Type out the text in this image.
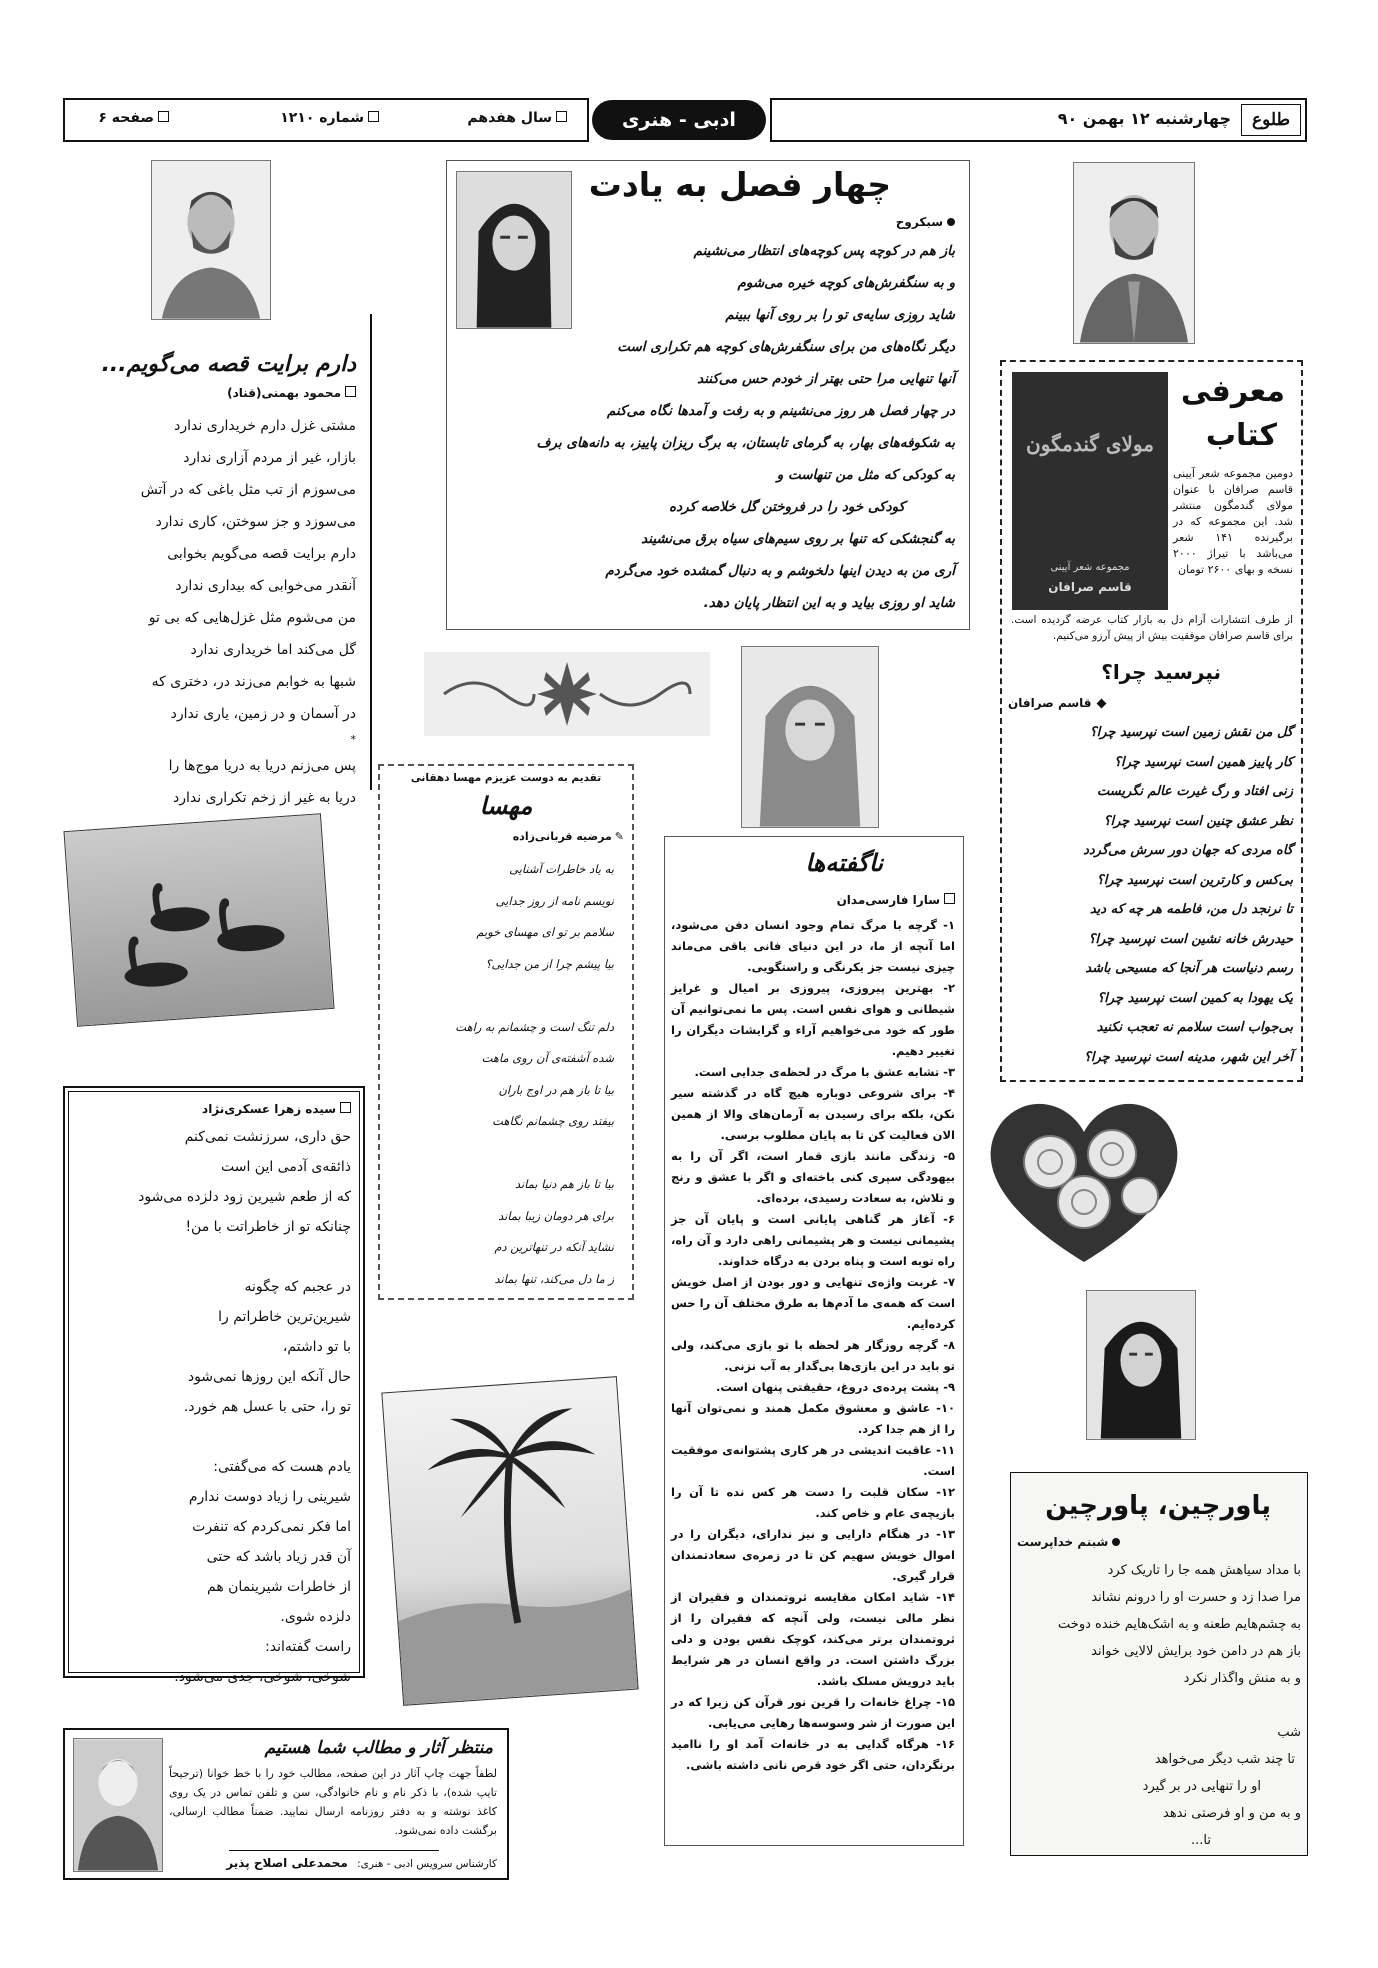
سال هفدهم
شماره ۱۲۱۰
صفحه ۶	ادبی - هنری	چهارشنبه ۱۲ بهمن ۹۰	طلوع
چهار فصل به یادت
سبکروح
باز هم در کوچه پس کوچه‌های انتظار می‌نشینم
و به سنگفرش‌های کوچه خیره می‌شوم
شاید روزی سایه‌ی تو را بر روی آنها ببینم
دیگر نگاه‌های من برای سنگفرش‌های کوچه هم تکراری است
آنها تنهایی مرا حتی بهتر از خودم حس می‌کنند
در چهار فصل هر روز می‌نشینم و به رفت و آمدها نگاه می‌کنم
به شکوفه‌های بهار، به گرمای تابستان، به برگ ریزان پاییز، به دانه‌های برف
به کودکی که مثل من تنهاست و
کودکی خود را در فروختن گل خلاصه کرده
به گنجشکی که تنها بر روی سیم‌های سیاه برق می‌نشیند
آری من به دیدن اینها دلخوشم و به دنبال گمشده خود می‌گردم
شاید او روزی بیاید و به این انتظار پایان دهد.
دارم برایت قصه می‌گویم...
محمود بهمنی(قناد)
مشتی غزل دارم خریداری ندارد
بازار، غیر از مردم آزاری ندارد
می‌سوزم از تب مثل باغی که در آتش
می‌سوزد و جز سوختن، کاری ندارد
دارم برایت قصه می‌گویم بخوابی
آنقدر می‌خوابی که بیداری ندارد
من می‌شوم مثل غزل‌هایی که بی تو
گل می‌کند اما خریداری ندارد
شبها به خوابم می‌زند در، دختری که
در آسمان و در زمین، یاری ندارد
*
پس می‌زنم دریا به دریا موج‌ها را
دریا به غیر از زخم تکراری ندارد
مولای گندمگون
مجموعه شعر آیینی
قاسم صرافان
معرفی
کتاب
دومین مجموعه شعر آیینی قاسم صرافان با عنوان مولای گندمگون منتشر شد. این مجموعه که در برگیرنده ۱۴۱ شعر می‌باشد با تیراژ ۲۰۰۰ نسخه و بهای ۲۶۰۰ تومان
از طرف انتشارات آرام دل به بازار کتاب عرضه گردیده است. برای قاسم صرافان موفقیت بیش از پیش آرزو می‌کنیم.
نپرسید چرا؟
قاسم صرافان
گل من نقش زمین است نپرسید چرا؟
کار پاییز همین است نپرسید چرا؟
زنی افتاد و رگ غیرت عالم نگریست
نظر عشق چنین است نپرسید چرا؟
گاه مردی که جهان دور سرش می‌گردد
بی‌کس و کارترین است نپرسید چرا؟
تا نرنجد دل من، فاطمه هر چه که دید
حیدرش خانه نشین است نپرسید چرا؟
رسم دنیاست هر آنجا که مسیحی باشد
یک یهودا به کمین است نپرسید چرا؟
بی‌جواب است سلامم نه تعجب نکنید
آخر این شهر، مدینه است نپرسید چرا؟
تقدیم به دوست عزیزم مهسا دهقانی
مهسا
✎مرضیه قربانی‌زاده
به یاد خاطرات آشنایی
نویسم نامه از روز جدایی
سلامم بر تو ای مهسای خوبم
بیا پیشم چرا از من جدایی؟
دلم تنگ است و چشمانم به راهت
شده آشفته‌ی آن روی ماهت
بیا تا باز هم در اوج باران
بیفتد روی چشمانم نگاهت
بیا تا باز هم دنیا بماند
برای هر دومان زیبا بماند
نشاید آنکه در تنهاترین دم
ز ما دل می‌کند، تنها بماند
ناگفته‌ها
سارا فارسی‌مدان
۱- گرچه با مرگ تمام وجود انسان دفن می‌شود، اما آنچه از ما، در این دنیای فانی باقی می‌ماند چیزی نیست جز یکرنگی و راستگویی.
۲- بهترین پیروزی، پیروزی بر امیال و غرایز شیطانی و هوای نفس است. پس ما نمی‌توانیم آن طور که خود می‌خواهیم آراء و گرایشات دیگران را تغییر دهیم.
۳- تشابه عشق با مرگ در لحظه‌ی جدایی است.
۴- برای شروعی دوباره هیچ گاه در گذشته سیر نکن، بلکه برای رسیدن به آرمان‌های والا از همین الان فعالیت کن تا به پایان مطلوب برسی.
۵- زندگی مانند بازی قمار است، اگر آن را به بیهودگی سپری کنی باخته‌ای و اگر با عشق و رنج و تلاش، به سعادت رسیدی، برده‌ای.
۶- آغاز هر گناهی پایانی است و پایان آن جز پشیمانی نیست و هر پشیمانی راهی دارد و آن راه، راه توبه است و پناه بردن به درگاه خداوند.
۷- غربت واژه‌ی تنهایی و دور بودن از اصل خویش است که همه‌ی ما آدم‌ها به طرق مختلف آن را حس کرده‌ایم.
۸- گرچه روزگار هر لحظه با تو بازی می‌کند، ولی تو باید در این بازی‌ها بی‌گدار به آب نزنی.
۹- پشت پرده‌ی دروغ، حقیقتی پنهان است.
۱۰- عاشق و معشوق مکمل همند و نمی‌توان آنها را از هم جدا کرد.
۱۱- عاقبت اندیشی در هر کاری پشتوانه‌ی موفقیت است.
۱۲- سکان قلبت را دست هر کس نده تا آن را بازیچه‌ی عام و خاص کند.
۱۳- در هنگام دارایی و نیز ندارای، دیگران را در اموال خویش سهیم کن تا در زمره‌ی سعادتمندان قرار گیری.
۱۴- شاید امکان مقایسه ثروتمندان و فقیران از نظر مالی نیست، ولی آنچه که فقیران را از ثروتمندان برتر می‌کند، کوچک نفس بودن و دلی بزرگ داشتن است. در واقع انسان در هر شرایط باید درویش مسلک باشد.
۱۵- چراغ خانه‌ات را قرین نور قرآن کن زیرا که در این صورت از شر وسوسه‌ها رهایی می‌یابی.
۱۶- هرگاه گدایی به در خانه‌ات آمد او را ناامید برنگردان، حتی اگر خود قرص نانی داشته باشی.
سیده زهرا عسکری‌نژاد
حق داری، سرزنشت نمی‌کنم
ذائقه‌ی آدمی این است
که از طعم شیرین زود دلزده می‌شود
چنانکه تو از خاطراتت با من!
در عجبم که چگونه
شیرین‌ترین خاطراتم را
با تو داشتم،
حال آنکه این روزها نمی‌شود
تو را، حتی با عسل هم خورد.
یادم هست که می‌گفتی:
شیرینی را زیاد دوست ندارم
اما فکر نمی‌کردم که تنفرت
آن قدر زیاد باشد که حتی
از خاطرات شیرینمان هم
دلزده شوی.
راست گفته‌اند:
شوخی، شوخی، جدی می‌شود.
پاورچین، پاورچین
شبنم خداپرست
با مداد سیاهش همه جا را تاریک کرد
مرا صدا زد و حسرت او را درونم نشاند
به چشم‌هایم طعنه و به اشک‌هایم خنده دوخت
باز هم در دامن خود برایش لالایی خواند
و به منش واگذار نکرد
شب
تا چند شب دیگر می‌خواهد
او را تنهایی در بر گیرد
و به من و او فرصتی ندهد
تا...
منتظر آثار و مطالب شما هستیم
لطفاً جهت چاپ آثار در این صفحه، مطالب خود را با خط خوانا (ترجیحاً تایپ شده)، با ذکر نام و نام خانوادگی، سن و تلفن تماس در یک روی کاغذ نوشته و به دفتر روزنامه ارسال نمایید. ضمناً مطالب ارسالی، برگشت داده نمی‌شود.
کارشناس سرویس ادبی - هنری: محمدعلی اصلاح پذیر
